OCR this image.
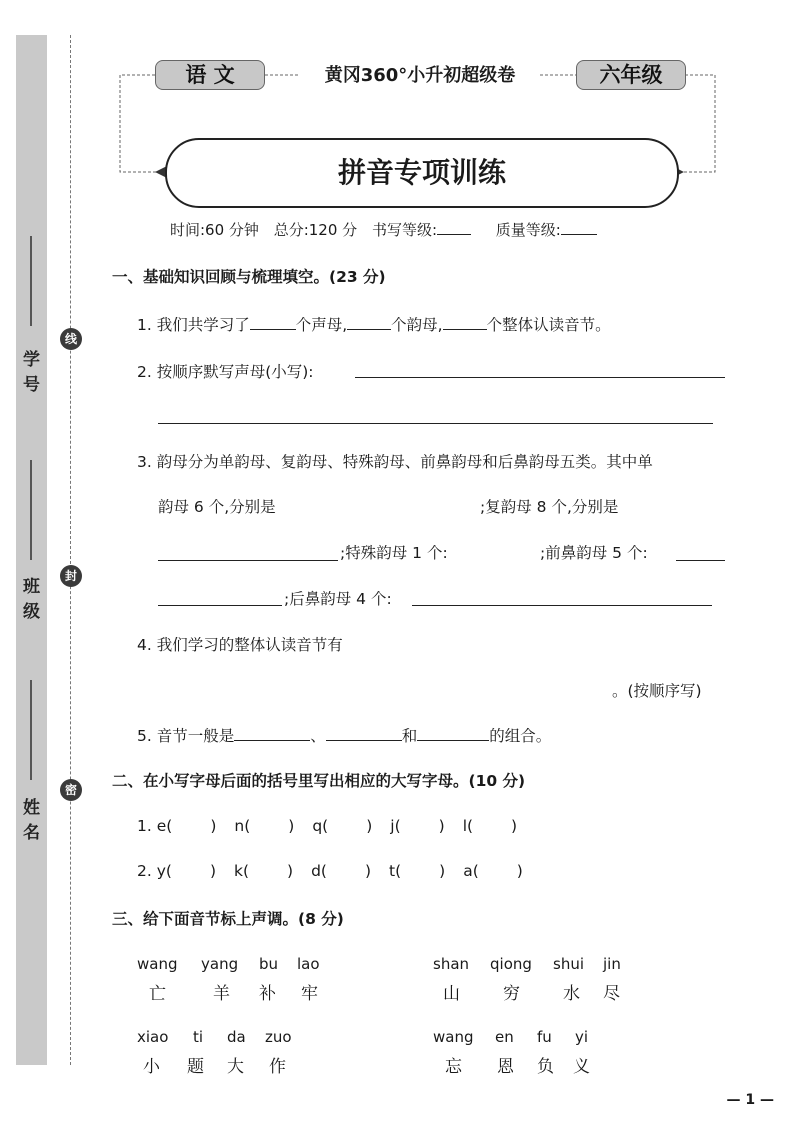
学号
班级
姓名
线
封
密
语 文	黄冈360°小升初超级卷	六年级
拼音专项训练
时间:60 分钟 总分:120 分 书写等级:	质量等级:
一、基础知识回顾与梳理填空。(23 分)
1. 我们共学习了	个声母,	个韵母,	个整体认读音节。
2. 按顺序默写声母(小写):
3. 韵母分为单韵母、复韵母、特殊韵母、前鼻韵母和后鼻韵母五类。其中单
韵母 6 个,分别是	;复韵母 8 个,分别是
;特殊韵母 1 个:	;前鼻韵母 5 个:
;后鼻韵母 4 个:
4. 我们学习的整体认读音节有
。(按顺序写)
5. 音节一般是	、	和	的组合。
二、在小写字母后面的括号里写出相应的大写字母。(10 分)
1. e( ) n( ) q( ) j( ) l( )
2. y( ) k( ) d( ) t( ) a( )
三、给下面音节标上声调。(8 分)
wang yang bu lao
亡	羊 补 牢
shan qiong shui jin
山	穷	水 尽
xiao ti da zuo
小 题 大 作
wang en fu yi
忘 恩 负 义
— 1 —
